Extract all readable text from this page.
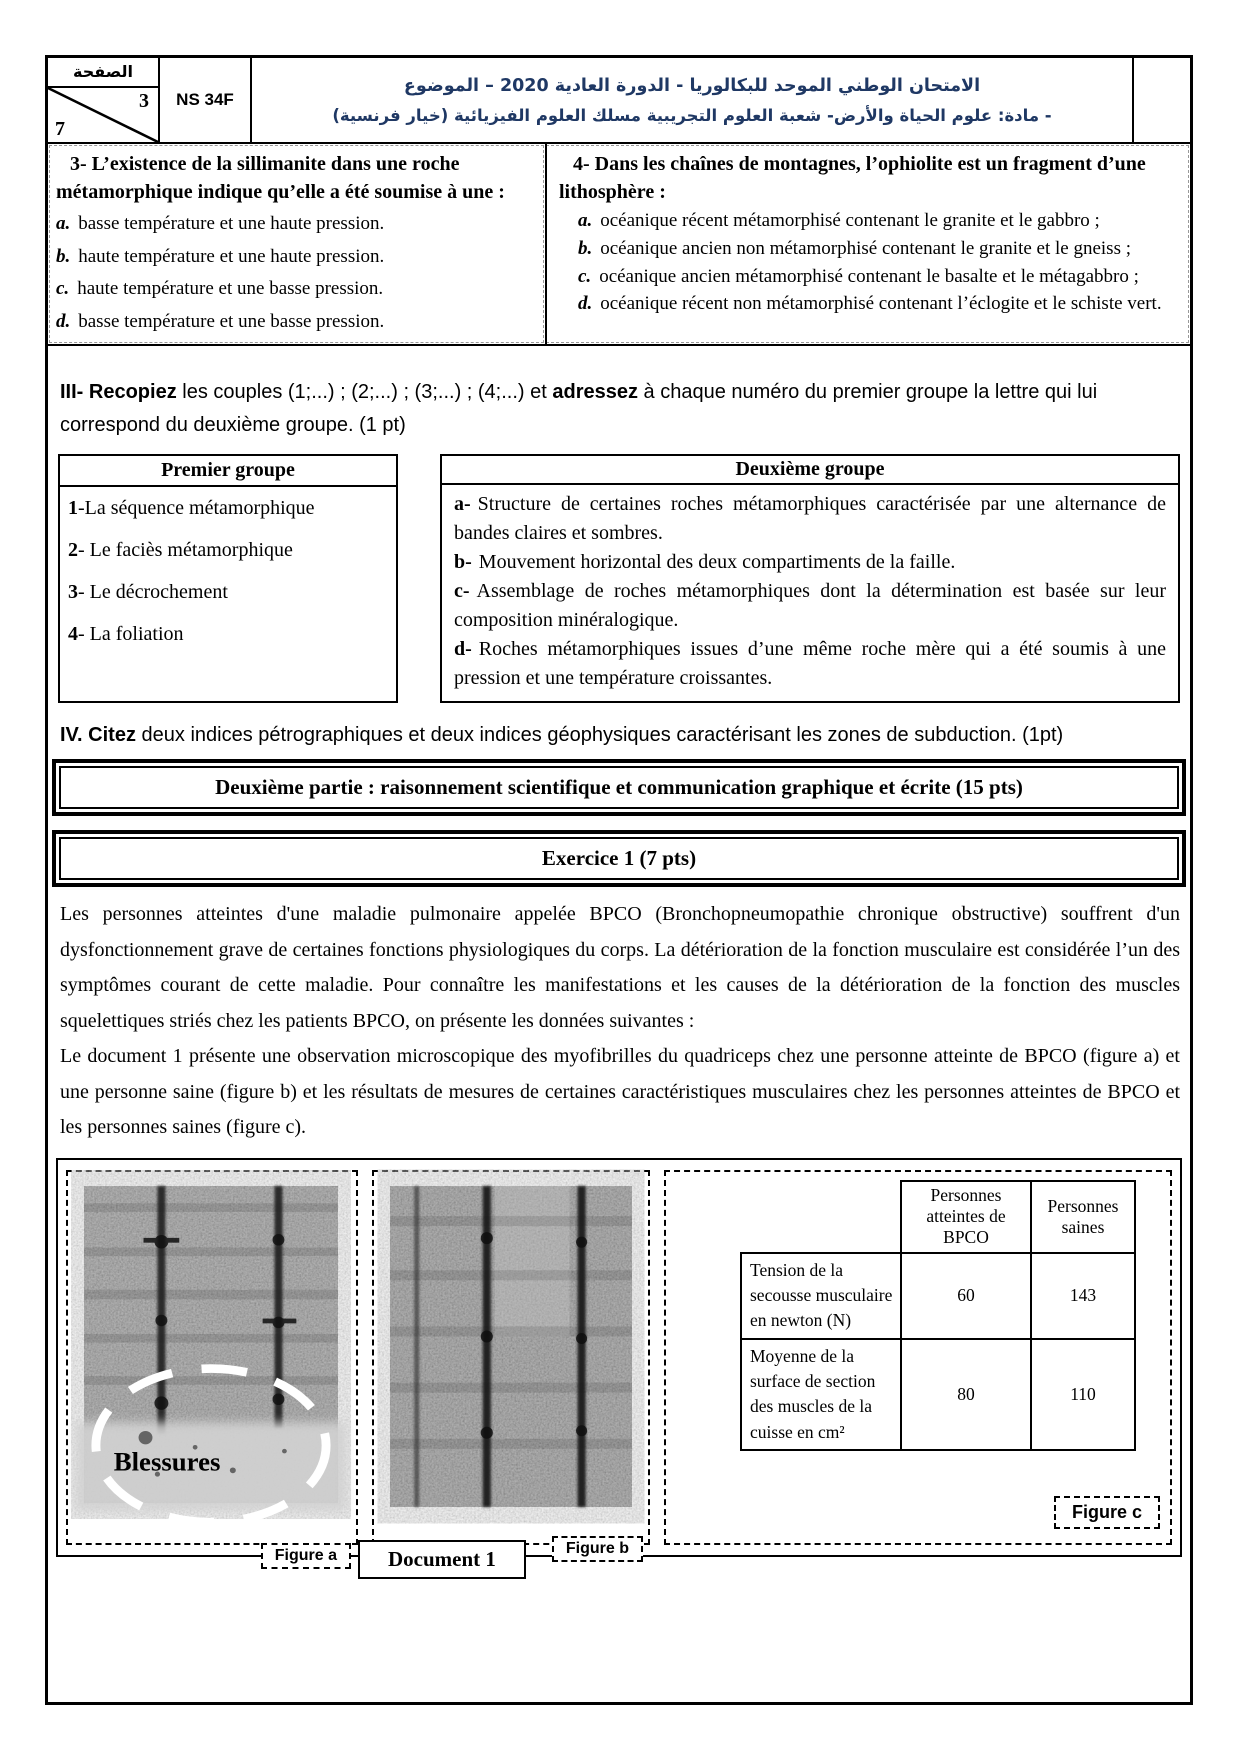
الصفحة
3
7
NS 34F
الامتحان الوطني الموحد للبكالوريا - الدورة العادية 2020 – الموضوع
- مادة: علوم الحياة والأرض- شعبة العلوم التجريبية مسلك العلوم الفيزيائية (خيار فرنسية)
3- L’existence de la sillimanite dans une roche métamorphique indique qu’elle a été soumise à une :
a. basse température et une haute pression.
b. haute température et une haute pression.
c. haute température et une basse pression.
d. basse température et une basse pression.
4- Dans les chaînes de montagnes, l’ophiolite est un fragment d’une lithosphère :
a. océanique récent métamorphisé contenant le granite et le gabbro ;
b. océanique ancien non métamorphisé contenant le granite et le gneiss ;
c. océanique ancien métamorphisé contenant le basalte et le métagabbro ;
d. océanique récent non métamorphisé contenant l’éclogite et le schiste vert.

III- Recopiez les couples (1;...) ; (2;...) ; (3;...) ; (4;...) et adressez à chaque numéro du premier groupe la lettre qui lui correspond du deuxième groupe. (1 pt)

Premier groupe
1-La séquence métamorphique
2- Le faciès métamorphique
3- Le décrochement
4- La foliation
Deuxième groupe
a- Structure de certaines roches métamorphiques caractérisée par une alternance de bandes claires et sombres.
b- Mouvement horizontal des deux compartiments de la faille.
c- Assemblage de roches métamorphiques dont la détermination est basée sur leur composition minéralogique.
d- Roches métamorphiques issues d’une même roche mère qui a été soumis à une pression et une température croissantes.

IV. Citez deux indices pétrographiques et deux indices géophysiques caractérisant les zones de subduction. (1pt)

Deuxième partie : raisonnement scientifique et communication graphique et écrite (15 pts)
Exercice 1 (7 pts)

Les personnes atteintes d'une maladie pulmonaire appelée BPCO (Bronchopneumopathie chronique obstructive) souffrent d'un dysfonctionnement grave de certaines fonctions physiologiques du corps. La détérioration de la fonction musculaire est considérée l’un des symptômes courant de cette maladie. Pour connaître les manifestations et les causes de la détérioration de la fonction des muscles squelettiques striés chez les patients BPCO, on présente les données suivantes :

Le document 1 présente une observation microscopique des myofibrilles du quadriceps chez une personne atteinte de BPCO (figure a) et une personne saine (figure b) et les résultats de mesures de certaines caractéristiques musculaires chez les personnes atteintes de BPCO et les personnes saines (figure c).

Blessures
Figure a	Figure b
	Personnes atteintes de BPCO	Personnes saines
Tension de la secousse musculaire en newton (N)	60	143
Moyenne de la surface de section des muscles de la cuisse en cm²	80	110
Figure c
Document 1
